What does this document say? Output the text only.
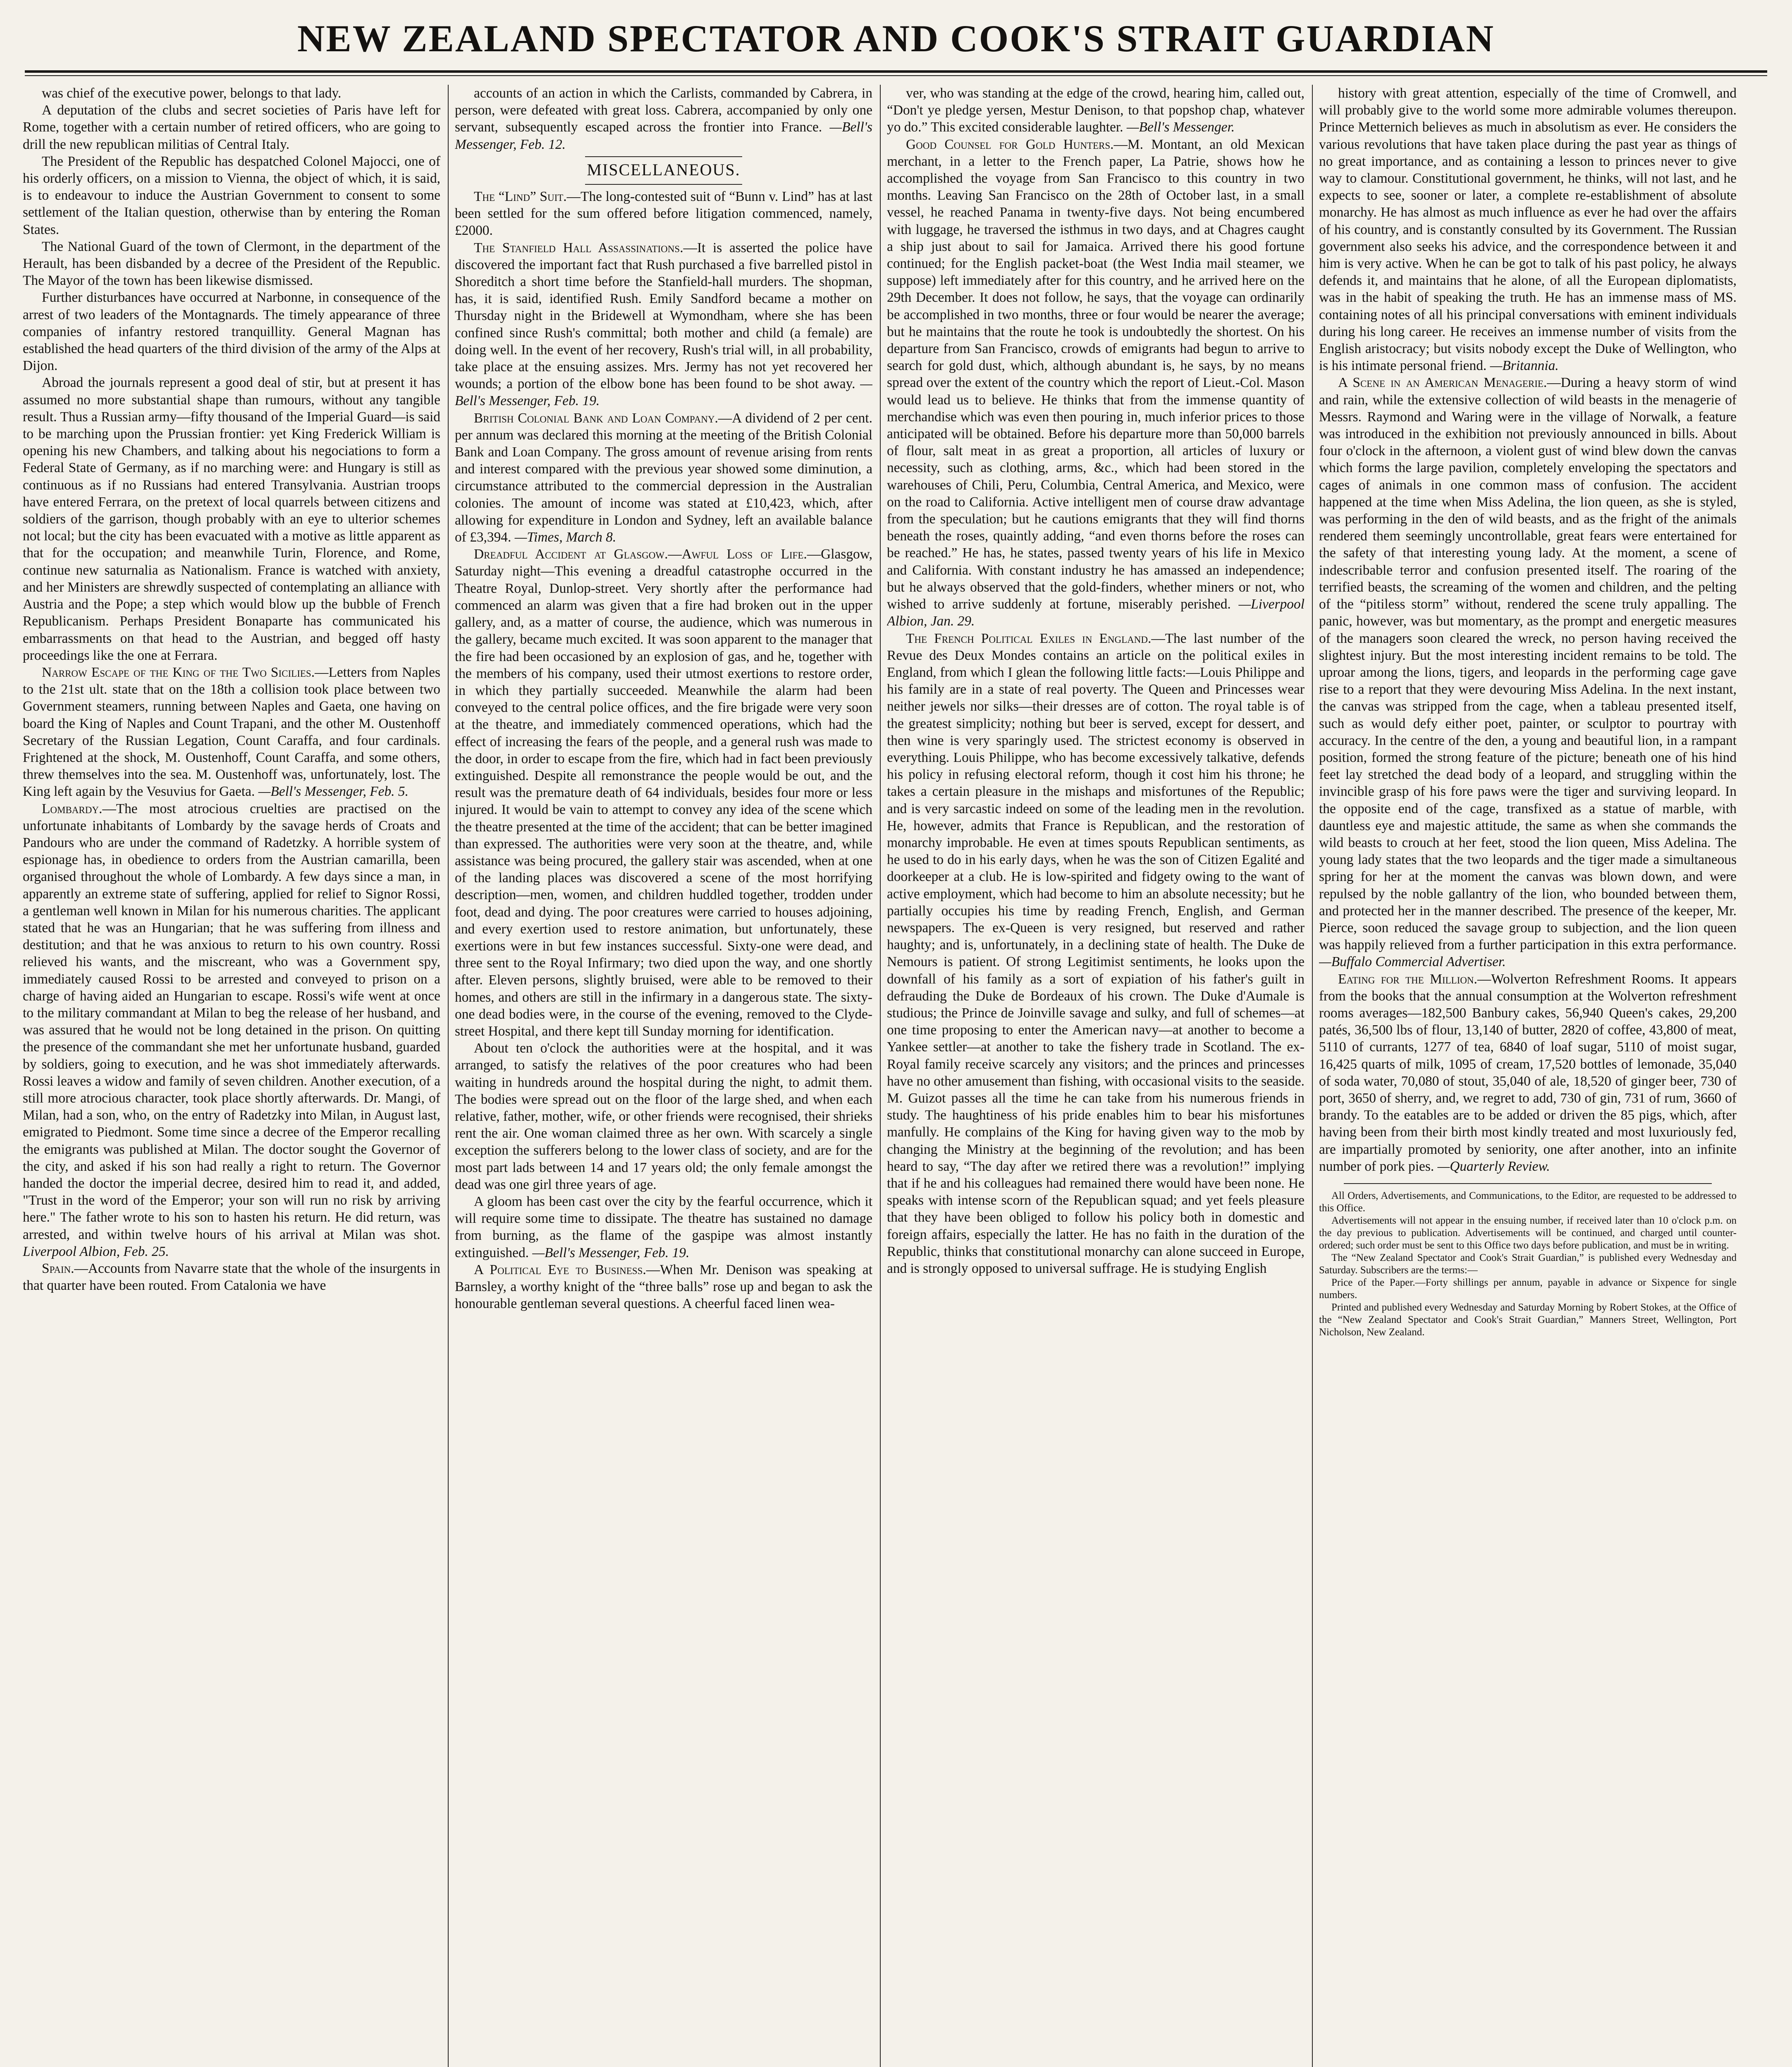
NEW ZEALAND SPECTATOR AND COOK'S STRAIT GUARDIAN

was chief of the executive power, belongs to that lady.

A deputation of the clubs and secret societies of Paris have left for Rome, together with a certain number of retired officers, who are going to drill the new republican militias of Central Italy.

The President of the Republic has despatched Colonel Majocci, one of his orderly officers, on a mission to Vienna, the object of which, it is said, is to endeavour to induce the Austrian Government to consent to some settlement of the Italian question, otherwise than by entering the Roman States.

The National Guard of the town of Clermont, in the department of the Herault, has been disbanded by a decree of the President of the Republic. The Mayor of the town has been likewise dismissed.

Further disturbances have occurred at Narbonne, in consequence of the arrest of two leaders of the Montagnards. The timely appearance of three companies of infantry restored tranquillity. General Magnan has established the head quarters of the third division of the army of the Alps at Dijon.

Abroad the journals represent a good deal of stir, but at present it has assumed no more substantial shape than rumours, without any tangible result. Thus a Russian army—fifty thousand of the Imperial Guard—is said to be marching upon the Prussian frontier: yet King Frederick William is opening his new Chambers, and talking about his negociations to form a Federal State of Germany, as if no marching were: and Hungary is still as continuous as if no Russians had entered Transylvania. Austrian troops have entered Ferrara, on the pretext of local quarrels between citizens and soldiers of the garrison, though probably with an eye to ulterior schemes not local; but the city has been evacuated with a motive as little apparent as that for the occupation; and meanwhile Turin, Florence, and Rome, continue new saturnalia as Nationalism. France is watched with anxiety, and her Ministers are shrewdly suspected of contemplating an alliance with Austria and the Pope; a step which would blow up the bubble of French Republicanism. Perhaps President Bonaparte has communicated his embarrassments on that head to the Austrian, and begged off hasty proceedings like the one at Ferrara.

Narrow Escape of the King of the Two Sicilies.—Letters from Naples to the 21st ult. state that on the 18th a collision took place between two Government steamers, running between Naples and Gaeta, one having on board the King of Naples and Count Trapani, and the other M. Oustenhoff Secretary of the Russian Legation, Count Caraffa, and four cardinals. Frightened at the shock, M. Oustenhoff, Count Caraffa, and some others, threw themselves into the sea. M. Oustenhoff was, unfortunately, lost. The King left again by the Vesuvius for Gaeta. —Bell's Messenger, Feb. 5.

Lombardy.—The most atrocious cruelties are practised on the unfortunate inhabitants of Lombardy by the savage herds of Croats and Pandours who are under the command of Radetzky. A horrible system of espionage has, in obedience to orders from the Austrian camarilla, been organised throughout the whole of Lombardy. A few days since a man, in apparently an extreme state of suffering, applied for relief to Signor Rossi, a gentleman well known in Milan for his numerous charities. The applicant stated that he was an Hungarian; that he was suffering from illness and destitution; and that he was anxious to return to his own country. Rossi relieved his wants, and the miscreant, who was a Government spy, immediately caused Rossi to be arrested and conveyed to prison on a charge of having aided an Hungarian to escape. Rossi's wife went at once to the military commandant at Milan to beg the release of her husband, and was assured that he would not be long detained in the prison. On quitting the presence of the commandant she met her unfortunate husband, guarded by soldiers, going to execution, and he was shot immediately afterwards. Rossi leaves a widow and family of seven children. Another execution, of a still more atrocious character, took place shortly afterwards. Dr. Mangi, of Milan, had a son, who, on the entry of Radetzky into Milan, in August last, emigrated to Piedmont. Some time since a decree of the Emperor recalling the emigrants was published at Milan. The doctor sought the Governor of the city, and asked if his son had really a right to return. The Governor handed the doctor the imperial decree, desired him to read it, and added, "Trust in the word of the Emperor; your son will run no risk by arriving here." The father wrote to his son to hasten his return. He did return, was arrested, and within twelve hours of his arrival at Milan was shot. Liverpool Albion, Feb. 25.

Spain.—Accounts from Navarre state that the whole of the insurgents in that quarter have been routed. From Catalonia we have

accounts of an action in which the Carlists, commanded by Cabrera, in person, were defeated with great loss. Cabrera, accompanied by only one servant, subsequently escaped across the frontier into France. —Bell's Messenger, Feb. 12.

MISCELLANEOUS.

The “Lind” Suit.—The long-contested suit of “Bunn v. Lind” has at last been settled for the sum offered before litigation commenced, namely, £2000.

The Stanfield Hall Assassinations.—It is asserted the police have discovered the important fact that Rush purchased a five barrelled pistol in Shoreditch a short time before the Stanfield-hall murders. The shopman, has, it is said, identified Rush. Emily Sandford became a mother on Thursday night in the Bridewell at Wymondham, where she has been confined since Rush's committal; both mother and child (a female) are doing well. In the event of her recovery, Rush's trial will, in all probability, take place at the ensuing assizes. Mrs. Jermy has not yet recovered her wounds; a portion of the elbow bone has been found to be shot away. —Bell's Messenger, Feb. 19.

British Colonial Bank and Loan Company.—A dividend of 2 per cent. per annum was declared this morning at the meeting of the British Colonial Bank and Loan Company. The gross amount of revenue arising from rents and interest compared with the previous year showed some diminution, a circumstance attributed to the commercial depression in the Australian colonies. The amount of income was stated at £10,423, which, after allowing for expenditure in London and Sydney, left an available balance of £3,394. —Times, March 8.

Dreadful Accident at Glasgow.—Awful Loss of Life.—Glasgow, Saturday night—This evening a dreadful catastrophe occurred in the Theatre Royal, Dunlop-street. Very shortly after the performance had commenced an alarm was given that a fire had broken out in the upper gallery, and, as a matter of course, the audience, which was numerous in the gallery, became much excited. It was soon apparent to the manager that the fire had been occasioned by an explosion of gas, and he, together with the members of his company, used their utmost exertions to restore order, in which they partially succeeded. Meanwhile the alarm had been conveyed to the central police offices, and the fire brigade were very soon at the theatre, and immediately commenced operations, which had the effect of increasing the fears of the people, and a general rush was made to the door, in order to escape from the fire, which had in fact been previously extinguished. Despite all remonstrance the people would be out, and the result was the premature death of 64 individuals, besides four more or less injured. It would be vain to attempt to convey any idea of the scene which the theatre presented at the time of the accident; that can be better imagined than expressed. The authorities were very soon at the theatre, and, while assistance was being procured, the gallery stair was ascended, when at one of the landing places was discovered a scene of the most horrifying description—men, women, and children huddled together, trodden under foot, dead and dying. The poor creatures were carried to houses adjoining, and every exertion used to restore animation, but unfortunately, these exertions were in but few instances successful. Sixty-one were dead, and three sent to the Royal Infirmary; two died upon the way, and one shortly after. Eleven persons, slightly bruised, were able to be removed to their homes, and others are still in the infirmary in a dangerous state. The sixty-one dead bodies were, in the course of the evening, removed to the Clyde-street Hospital, and there kept till Sunday morning for identification.

About ten o'clock the authorities were at the hospital, and it was arranged, to satisfy the relatives of the poor creatures who had been waiting in hundreds around the hospital during the night, to admit them. The bodies were spread out on the floor of the large shed, and when each relative, father, mother, wife, or other friends were recognised, their shrieks rent the air. One woman claimed three as her own. With scarcely a single exception the sufferers belong to the lower class of society, and are for the most part lads between 14 and 17 years old; the only female amongst the dead was one girl three years of age.

A gloom has been cast over the city by the fearful occurrence, which it will require some time to dissipate. The theatre has sustained no damage from burning, as the flame of the gaspipe was almost instantly extinguished. —Bell's Messenger, Feb. 19.

A Political Eye to Business.—When Mr. Denison was speaking at Barnsley, a worthy knight of the “three balls” rose up and began to ask the honourable gentleman several questions. A cheerful faced linen wea-

ver, who was standing at the edge of the crowd, hearing him, called out, “Don't ye pledge yersen, Mestur Denison, to that popshop chap, whatever yo do.” This excited considerable laughter. —Bell's Messenger.

Good Counsel for Gold Hunters.—M. Montant, an old Mexican merchant, in a letter to the French paper, La Patrie, shows how he accomplished the voyage from San Francisco to this country in two months. Leaving San Francisco on the 28th of October last, in a small vessel, he reached Panama in twenty-five days. Not being encumbered with luggage, he traversed the isthmus in two days, and at Chagres caught a ship just about to sail for Jamaica. Arrived there his good fortune continued; for the English packet-boat (the West India mail steamer, we suppose) left immediately after for this country, and he arrived here on the 29th December. It does not follow, he says, that the voyage can ordinarily be accomplished in two months, three or four would be nearer the average; but he maintains that the route he took is undoubtedly the shortest. On his departure from San Francisco, crowds of emigrants had begun to arrive to search for gold dust, which, although abundant is, he says, by no means spread over the extent of the country which the report of Lieut.-Col. Mason would lead us to believe. He thinks that from the immense quantity of merchandise which was even then pouring in, much inferior prices to those anticipated will be obtained. Before his departure more than 50,000 barrels of flour, salt meat in as great a proportion, all articles of luxury or necessity, such as clothing, arms, &c., which had been stored in the warehouses of Chili, Peru, Columbia, Central America, and Mexico, were on the road to California. Active intelligent men of course draw advantage from the speculation; but he cautions emigrants that they will find thorns beneath the roses, quaintly adding, “and even thorns before the roses can be reached.” He has, he states, passed twenty years of his life in Mexico and California. With constant industry he has amassed an independence; but he always observed that the gold-finders, whether miners or not, who wished to arrive suddenly at fortune, miserably perished. —Liverpool Albion, Jan. 29.

The French Political Exiles in England.—The last number of the Revue des Deux Mondes contains an article on the political exiles in England, from which I glean the following little facts:—Louis Philippe and his family are in a state of real poverty. The Queen and Princesses wear neither jewels nor silks—their dresses are of cotton. The royal table is of the greatest simplicity; nothing but beer is served, except for dessert, and then wine is very sparingly used. The strictest economy is observed in everything. Louis Philippe, who has become excessively talkative, defends his policy in refusing electoral reform, though it cost him his throne; he takes a certain pleasure in the mishaps and misfortunes of the Republic; and is very sarcastic indeed on some of the leading men in the revolution. He, however, admits that France is Republican, and the restoration of monarchy improbable. He even at times spouts Republican sentiments, as he used to do in his early days, when he was the son of Citizen Egalité and doorkeeper at a club. He is low-spirited and fidgety owing to the want of active employment, which had become to him an absolute necessity; but he partially occupies his time by reading French, English, and German newspapers. The ex-Queen is very resigned, but reserved and rather haughty; and is, unfortunately, in a declining state of health. The Duke de Nemours is patient. Of strong Legitimist sentiments, he looks upon the downfall of his family as a sort of expiation of his father's guilt in defrauding the Duke de Bordeaux of his crown. The Duke d'Aumale is studious; the Prince de Joinville savage and sulky, and full of schemes—at one time proposing to enter the American navy—at another to become a Yankee settler—at another to take the fishery trade in Scotland. The ex-Royal family receive scarcely any visitors; and the princes and princesses have no other amusement than fishing, with occasional visits to the seaside. M. Guizot passes all the time he can take from his numerous friends in study. The haughtiness of his pride enables him to bear his misfortunes manfully. He complains of the King for having given way to the mob by changing the Ministry at the beginning of the revolution; and has been heard to say, “The day after we retired there was a revolution!” implying that if he and his colleagues had remained there would have been none. He speaks with intense scorn of the Republican squad; and yet feels pleasure that they have been obliged to follow his policy both in domestic and foreign affairs, especially the latter. He has no faith in the duration of the Republic, thinks that constitutional monarchy can alone succeed in Europe, and is strongly opposed to universal suffrage. He is studying English

history with great attention, especially of the time of Cromwell, and will probably give to the world some more admirable volumes thereupon. Prince Metternich believes as much in absolutism as ever. He considers the various revolutions that have taken place during the past year as things of no great importance, and as containing a lesson to princes never to give way to clamour. Constitutional government, he thinks, will not last, and he expects to see, sooner or later, a complete re-establishment of absolute monarchy. He has almost as much influence as ever he had over the affairs of his country, and is constantly consulted by its Government. The Russian government also seeks his advice, and the correspondence between it and him is very active. When he can be got to talk of his past policy, he always defends it, and maintains that he alone, of all the European diplomatists, was in the habit of speaking the truth. He has an immense mass of MS. containing notes of all his principal conversations with eminent individuals during his long career. He receives an immense number of visits from the English aristocracy; but visits nobody except the Duke of Wellington, who is his intimate personal friend. —Britannia.

A Scene in an American Menagerie.—During a heavy storm of wind and rain, while the extensive collection of wild beasts in the menagerie of Messrs. Raymond and Waring were in the village of Norwalk, a feature was introduced in the exhibition not previously announced in bills. About four o'clock in the afternoon, a violent gust of wind blew down the canvas which forms the large pavilion, completely enveloping the spectators and cages of animals in one common mass of confusion. The accident happened at the time when Miss Adelina, the lion queen, as she is styled, was performing in the den of wild beasts, and as the fright of the animals rendered them seemingly uncontrollable, great fears were entertained for the safety of that interesting young lady. At the moment, a scene of indescribable terror and confusion presented itself. The roaring of the terrified beasts, the screaming of the women and children, and the pelting of the “pitiless storm” without, rendered the scene truly appalling. The panic, however, was but momentary, as the prompt and energetic measures of the managers soon cleared the wreck, no person having received the slightest injury. But the most interesting incident remains to be told. The uproar among the lions, tigers, and leopards in the performing cage gave rise to a report that they were devouring Miss Adelina. In the next instant, the canvas was stripped from the cage, when a tableau presented itself, such as would defy either poet, painter, or sculptor to pourtray with accuracy. In the centre of the den, a young and beautiful lion, in a rampant position, formed the strong feature of the picture; beneath one of his hind feet lay stretched the dead body of a leopard, and struggling within the invincible grasp of his fore paws were the tiger and surviving leopard. In the opposite end of the cage, transfixed as a statue of marble, with dauntless eye and majestic attitude, the same as when she commands the wild beasts to crouch at her feet, stood the lion queen, Miss Adelina. The young lady states that the two leopards and the tiger made a simultaneous spring for her at the moment the canvas was blown down, and were repulsed by the noble gallantry of the lion, who bounded between them, and protected her in the manner described. The presence of the keeper, Mr. Pierce, soon reduced the savage group to subjection, and the lion queen was happily relieved from a further participation in this extra performance. —Buffalo Commercial Advertiser.

Eating for the Million.—Wolverton Refreshment Rooms. It appears from the books that the annual consumption at the Wolverton refreshment rooms averages—182,500 Banbury cakes, 56,940 Queen's cakes, 29,200 patés, 36,500 lbs of flour, 13,140 of butter, 2820 of coffee, 43,800 of meat, 5110 of currants, 1277 of tea, 6840 of loaf sugar, 5110 of moist sugar, 16,425 quarts of milk, 1095 of cream, 17,520 bottles of lemonade, 35,040 of soda water, 70,080 of stout, 35,040 of ale, 18,520 of ginger beer, 730 of port, 3650 of sherry, and, we regret to add, 730 of gin, 731 of rum, 3660 of brandy. To the eatables are to be added or driven the 85 pigs, which, after having been from their birth most kindly treated and most luxuriously fed, are impartially promoted by seniority, one after another, into an infinite number of pork pies. —Quarterly Review.

All Orders, Advertisements, and Communications, to the Editor, are requested to be addressed to this Office.

Advertisements will not appear in the ensuing number, if received later than 10 o'clock p.m. on the day previous to publication. Advertisements will be continued, and charged until counter-ordered; such order must be sent to this Office two days before publication, and must be in writing.

The “New Zealand Spectator and Cook's Strait Guardian,” is published every Wednesday and Saturday. Subscribers are the terms:—

Price of the Paper.—Forty shillings per annum, payable in advance or Sixpence for single numbers.

Printed and published every Wednesday and Saturday Morning by Robert Stokes, at the Office of the “New Zealand Spectator and Cook's Strait Guardian,” Manners Street, Wellington, Port Nicholson, New Zealand.
